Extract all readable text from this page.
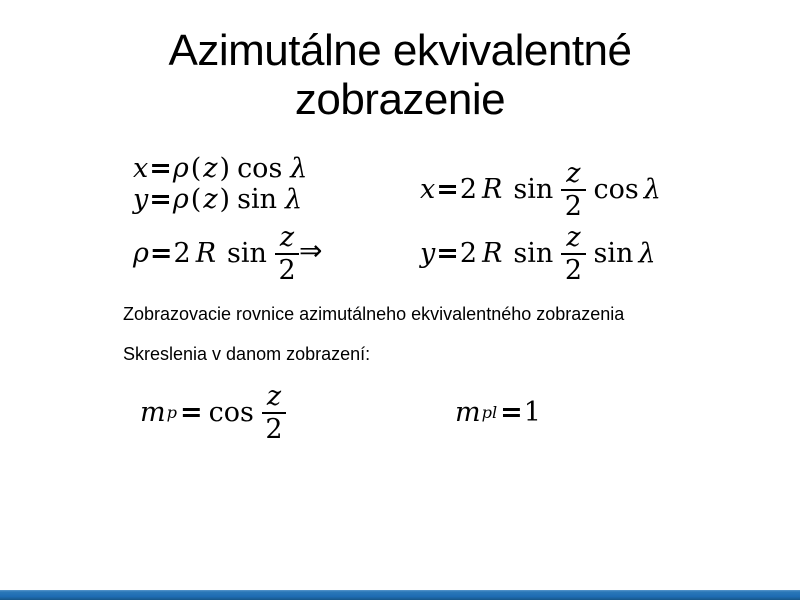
Azimutálne ekvivalentné
zobrazenie
x=ρ(z) cos λ
y=ρ(z) sin λ
ρ = 2 R $\sin \frac{z}{2}$ ⇒
x = 2 R $\sin \frac{z}{2}$ cos λ
y = 2 R $\sin \frac{z}{2}$ sin λ
Zobrazovacie rovnice azimutálneho ekvivalentného zobrazenia
Skreslenia v danom zobrazení:
m $p = \cos \frac{z}{2}$	m pl = 1
